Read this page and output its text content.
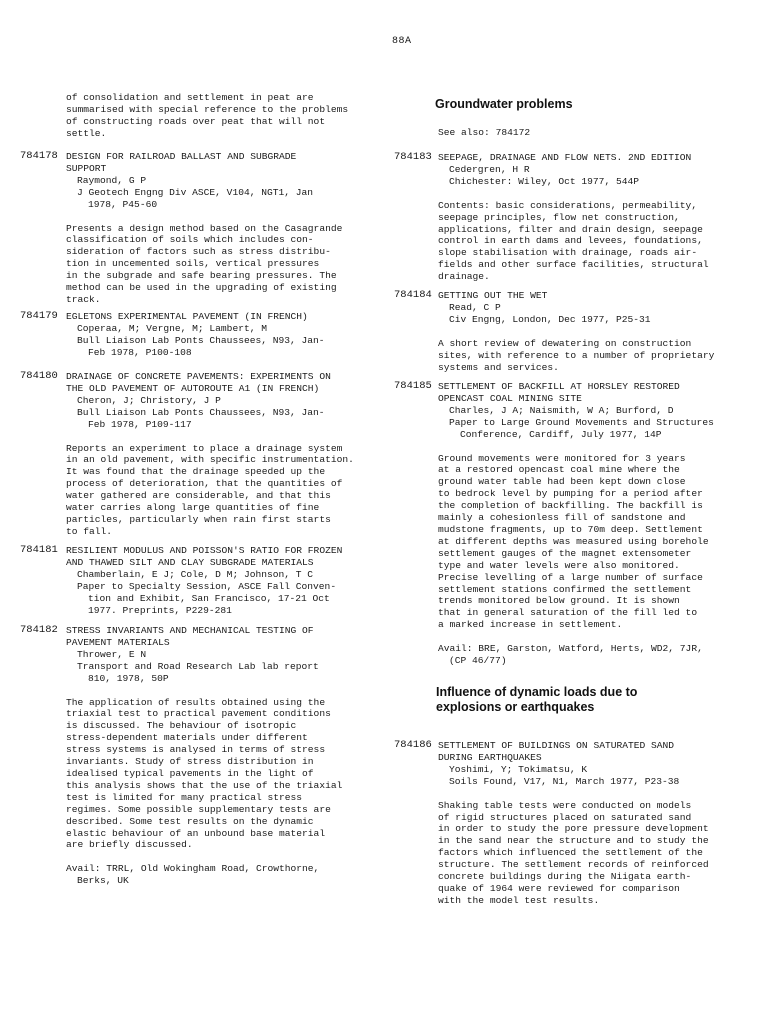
88A
of consolidation and settlement in peat are
summarised with special reference to the problems
of constructing roads over peat that will not
settle.
784178 DESIGN FOR RAILROAD BALLAST AND SUBGRADE
SUPPORT
Raymond, G P
J Geotech Engng Div ASCE, V104, NGT1, Jan
1978, P45-60
Presents a design method based on the Casagrande
classification of soils which includes con-
sideration of factors such as stress distribu-
tion in uncemented soils, vertical pressures
in the subgrade and safe bearing pressures. The
method can be used in the upgrading of existing
track.
784179 EGLETONS EXPERIMENTAL PAVEMENT (IN FRENCH)
Coperaa, M; Vergne, M; Lambert, M
Bull Liaison Lab Ponts Chaussees, N93, Jan-
Feb 1978, P100-108
784180 DRAINAGE OF CONCRETE PAVEMENTS: EXPERIMENTS ON
THE OLD PAVEMENT OF AUTOROUTE A1 (IN FRENCH)
Cheron, J; Christory, J P
Bull Liaison Lab Ponts Chaussees, N93, Jan-
Feb 1978, P109-117
Reports an experiment to place a drainage system
in an old pavement, with specific instrumentation.
It was found that the drainage speeded up the
process of deterioration, that the quantities of
water gathered are considerable, and that this
water carries along large quantities of fine
particles, particularly when rain first starts
to fall.
784181 RESILIENT MODULUS AND POISSON'S RATIO FOR FROZEN
AND THAWED SILT AND CLAY SUBGRADE MATERIALS
Chamberlain, E J; Cole, D M; Johnson, T C
Paper to Specialty Session, ASCE Fall Conven-
tion and Exhibit, San Francisco, 17-21 Oct
1977. Preprints, P229-281
784182 STRESS INVARIANTS AND MECHANICAL TESTING OF
PAVEMENT MATERIALS
Thrower, E N
Transport and Road Research Lab lab report
810, 1978, 50P
The application of results obtained using the
triaxial test to practical pavement conditions
is discussed. The behaviour of isotropic
stress-dependent materials under different
stress systems is analysed in terms of stress
invariants. Study of stress distribution in
idealised typical pavements in the light of
this analysis shows that the use of the triaxial
test is limited for many practical stress
regimes. Some possible supplementary tests are
described. Some test results on the dynamic
elastic behaviour of an unbound base material
are briefly discussed.
Avail: TRRL, Old Wokingham Road, Crowthorne,
Berks, UK
Groundwater problems
See also: 784172
784183 SEEPAGE, DRAINAGE AND FLOW NETS. 2ND EDITION
Cedergren, H R
Chichester: Wiley, Oct 1977, 544P
Contents: basic considerations, permeability,
seepage principles, flow net construction,
applications, filter and drain design, seepage
control in earth dams and levees, foundations,
slope stabilisation with drainage, roads air-
fields and other surface facilities, structural
drainage.
784184 GETTING OUT THE WET
Read, C P
Civ Engng, London, Dec 1977, P25-31
A short review of dewatering on construction
sites, with reference to a number of proprietary
systems and services.
784185 SETTLEMENT OF BACKFILL AT HORSLEY RESTORED
OPENCAST COAL MINING SITE
Charles, J A; Naismith, W A; Burford, D
Paper to Large Ground Movements and Structures
Conference, Cardiff, July 1977, 14P
Ground movements were monitored for 3 years
at a restored opencast coal mine where the
ground water table had been kept down close
to bedrock level by pumping for a period after
the completion of backfilling. The backfill is
mainly a cohesionless fill of sandstone and
mudstone fragments, up to 70m deep. Settlement
at different depths was measured using borehole
settlement gauges of the magnet extensometer
type and water levels were also monitored.
Precise levelling of a large number of surface
settlement stations confirmed the settlement
trends monitored below ground. It is shown
that in general saturation of the fill led to
a marked increase in settlement.
Avail: BRE, Garston, Watford, Herts, WD2, 7JR,
(CP 46/77)
Influence of dynamic loads due to
explosions or earthquakes
784186 SETTLEMENT OF BUILDINGS ON SATURATED SAND
DURING EARTHQUAKES
Yoshimi, Y; Tokimatsu, K
Soils Found, V17, N1, March 1977, P23-38
Shaking table tests were conducted on models
of rigid structures placed on saturated sand
in order to study the pore pressure development
in the sand near the structure and to study the
factors which influenced the settlement of the
structure. The settlement records of reinforced
concrete buildings during the Niigata earth-
quake of 1964 were reviewed for comparison
with the model test results.
